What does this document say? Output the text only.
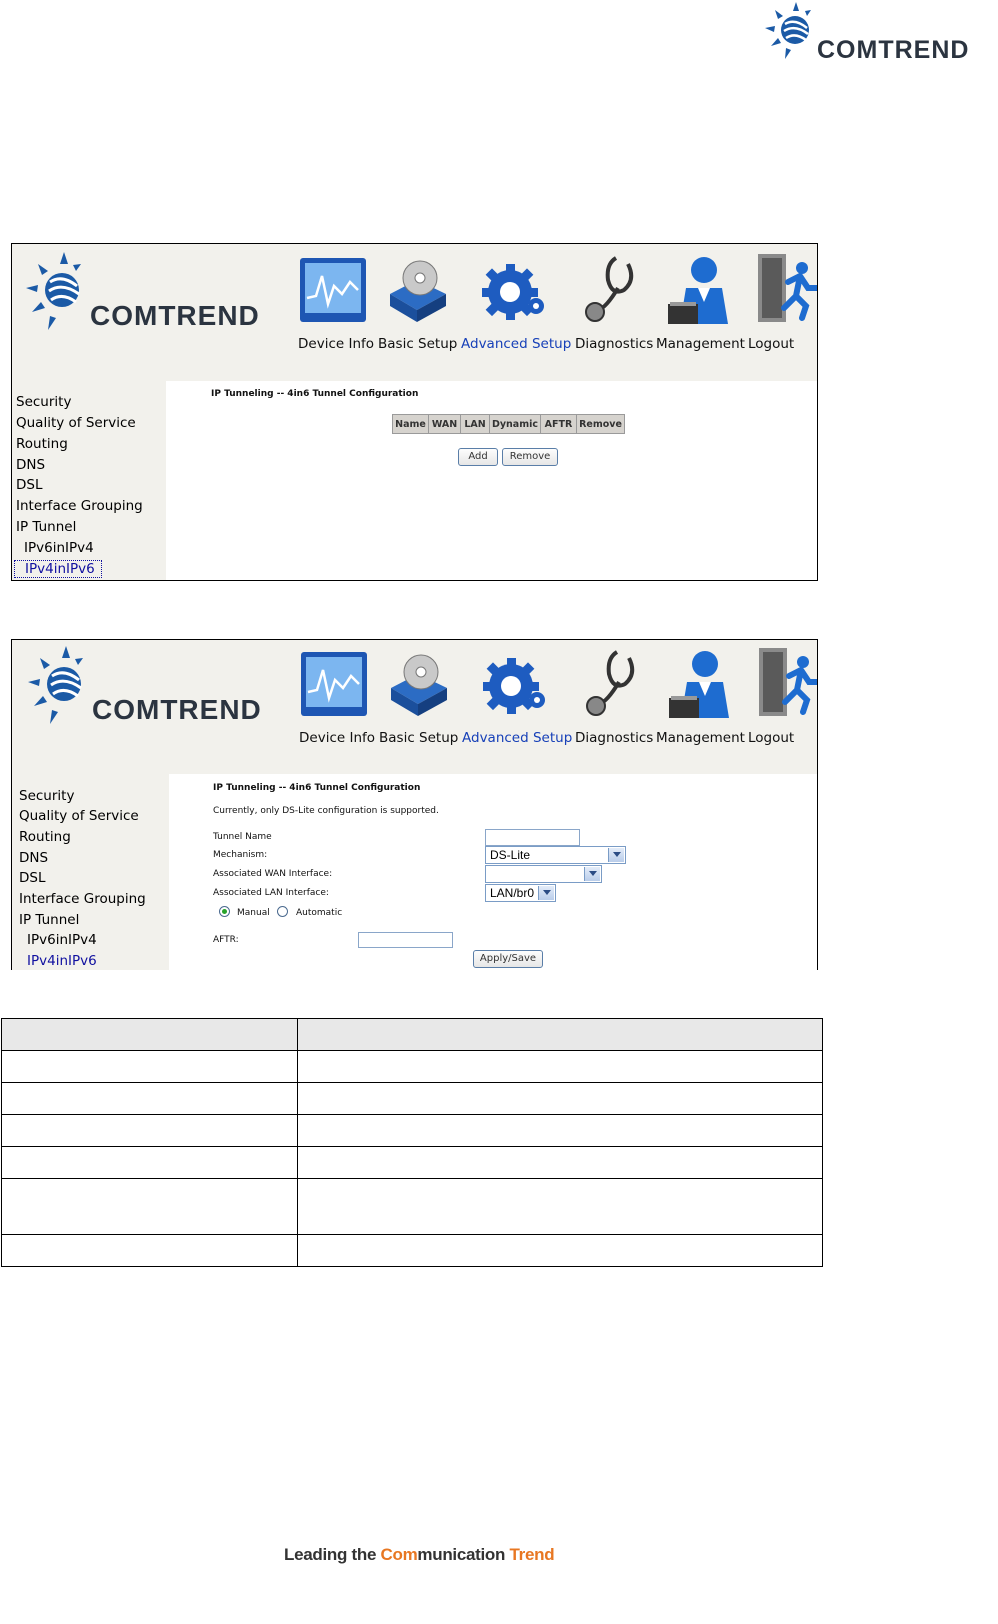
COMTREND
COMTREND
Device Info Basic Setup Advanced Setup Diagnostics Management Logout
Security
Quality of Service
Routing
DNS
DSL
Interface Grouping
IP Tunnel
IPv6inIPv4
IPv4inIPv6
IP Tunneling -- 4in6 Tunnel Configuration
Name WAN LAN Dynamic AFTR Remove
Add	Remove
COMTREND
Device Info Basic Setup Advanced Setup Diagnostics Management Logout
Security
Quality of Service
Routing
DNS
DSL
Interface Grouping
IP Tunnel
IPv6inIPv4
IPv4inIPv6
IP Tunneling -- 4in6 Tunnel Configuration
Currently, only DS-Lite configuration is supported.
Tunnel Name
Mechanism:	DS-Lite
Associated WAN Interface:
Associated LAN Interface:	LAN/br0
Manual	Automatic
AFTR:
Apply/Save

Leading the Communication Trend
